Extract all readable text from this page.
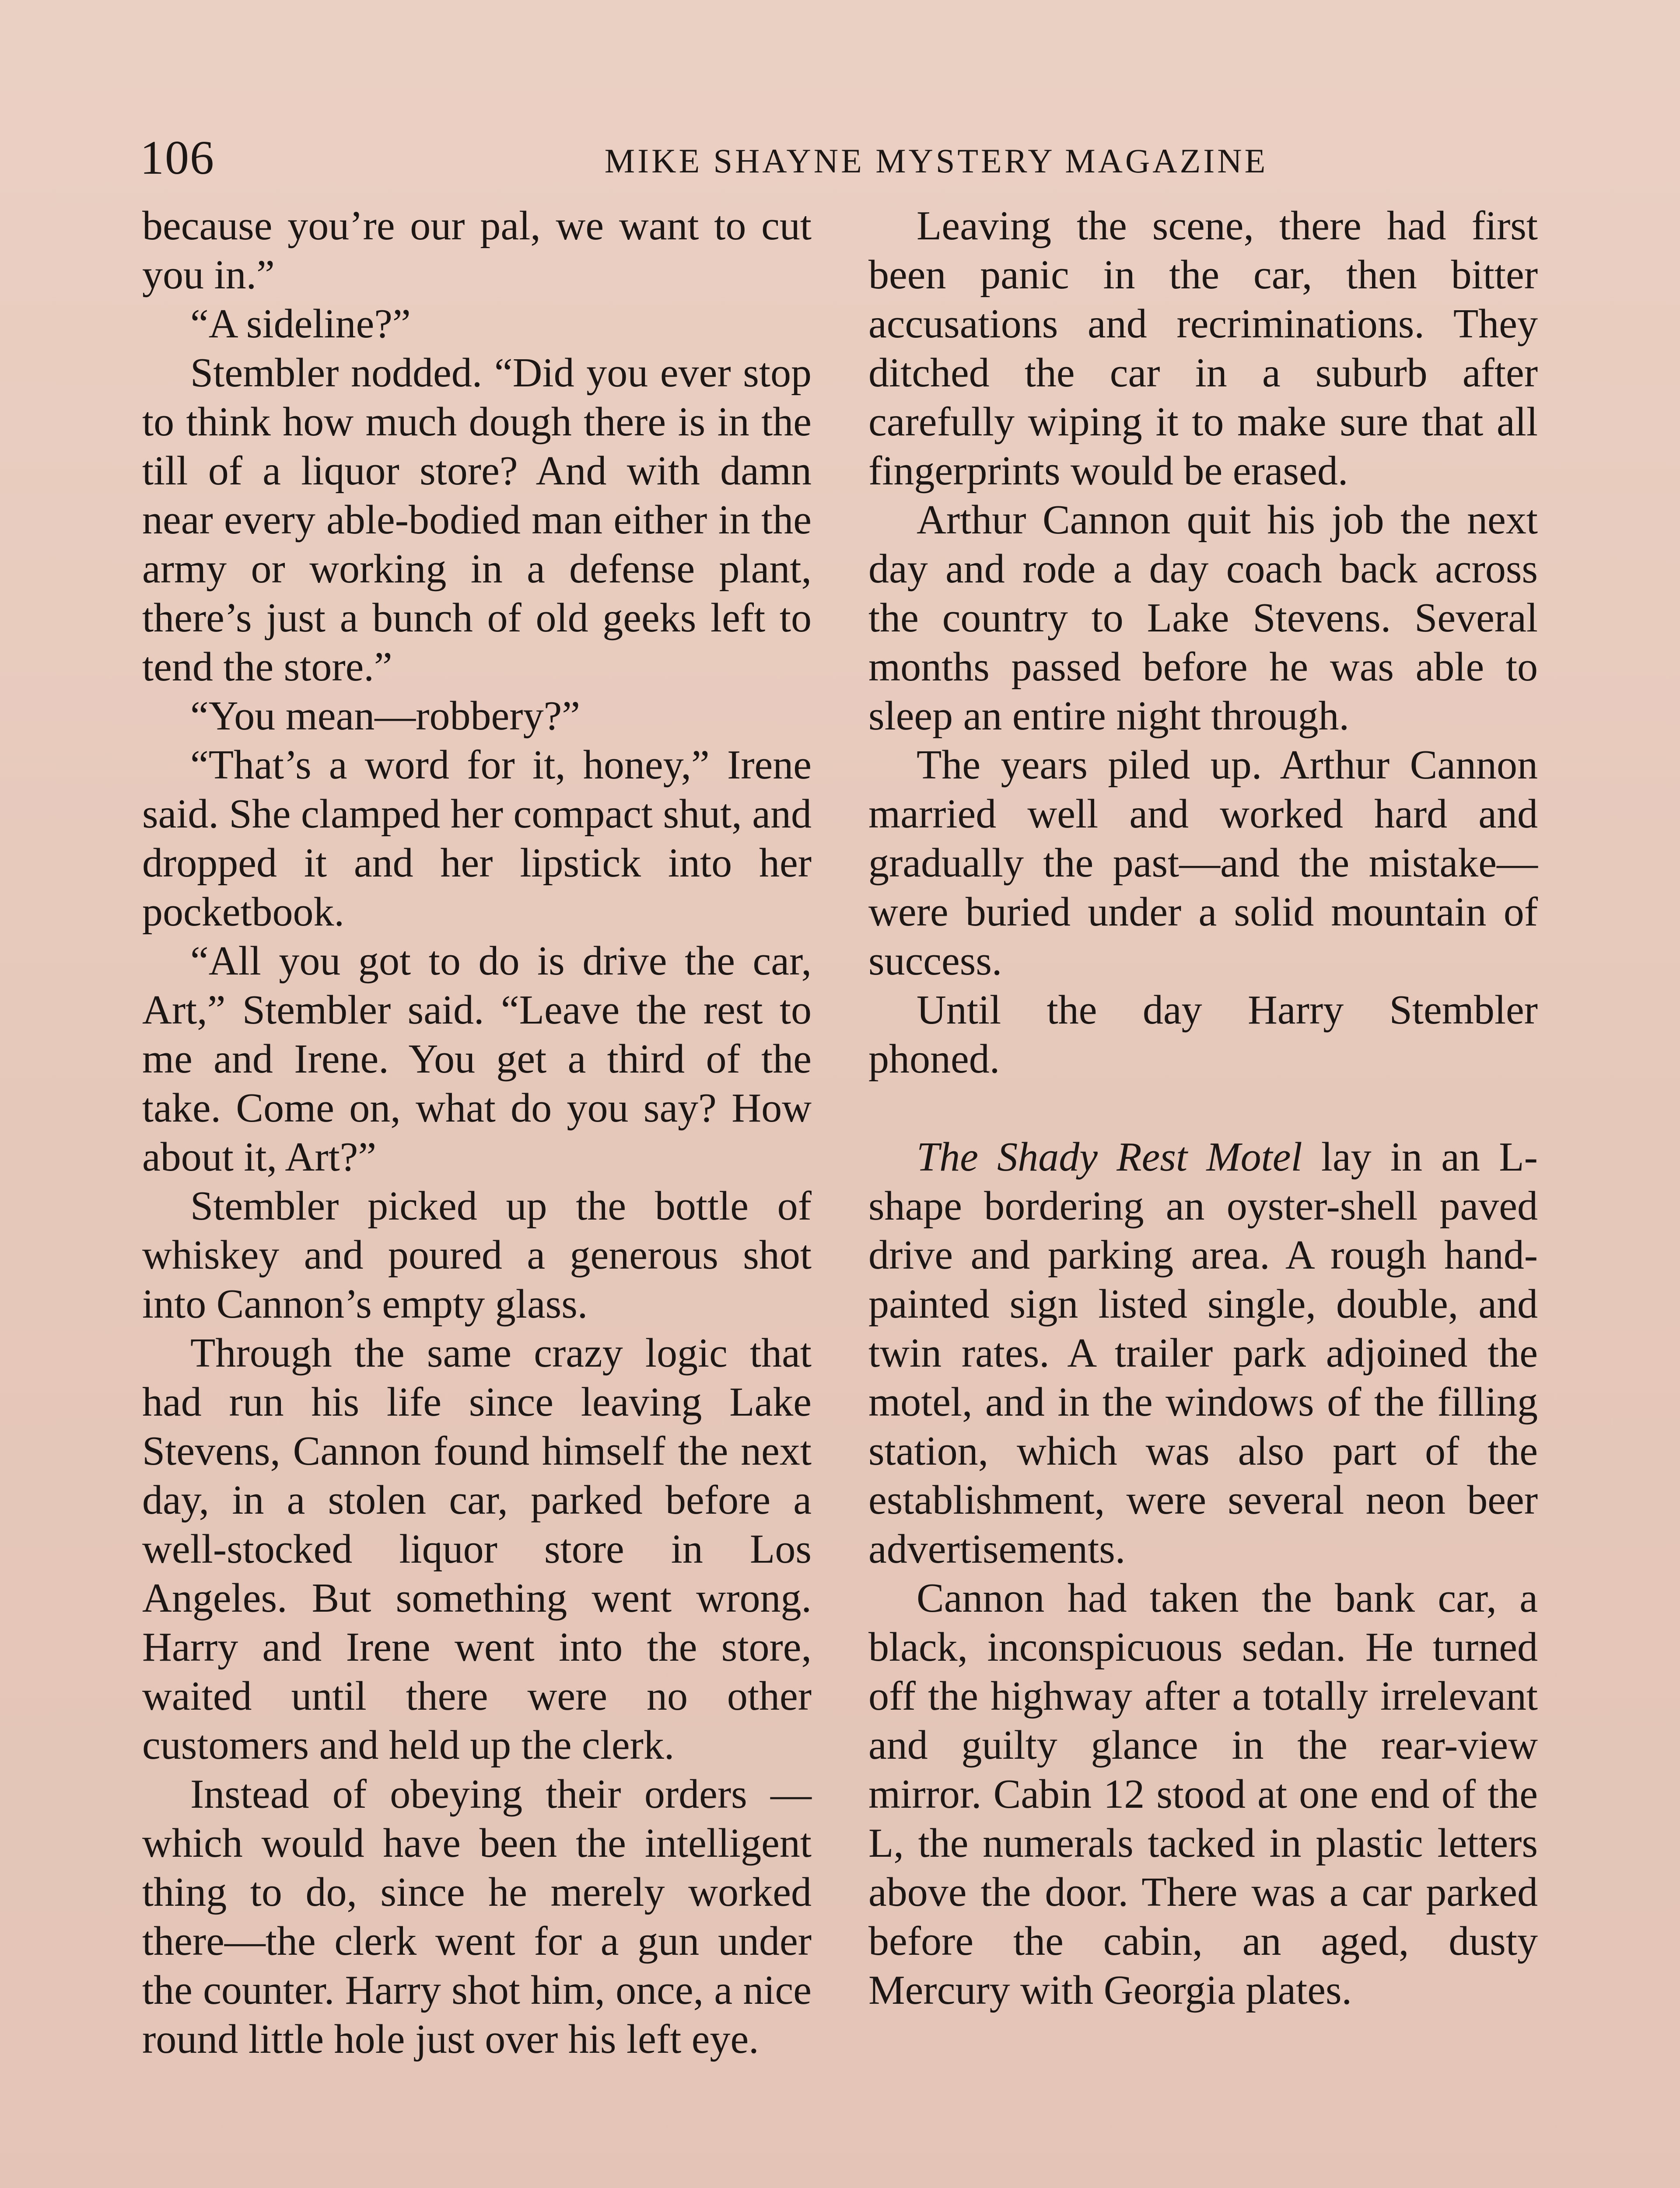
106	MIKE SHAYNE MYSTERY MAGAZINE

because you’re our pal, we want to cut you in.”

“A sideline?”

Stembler nodded. “Did you ever stop to think how much dough there is in the till of a liquor store? And with damn near every able-bodied man either in the army or working in a defense plant, there’s just a bunch of old geeks left to tend the store.”

“You mean—robbery?”

“That’s a word for it, honey,” Irene said. She clamped her compact shut, and dropped it and her lipstick into her pocketbook.

“All you got to do is drive the car, Art,” Stembler said. “Leave the rest to me and Irene. You get a third of the take. Come on, what do you say? How about it, Art?”

Stembler picked up the bottle of whiskey and poured a generous shot into Cannon’s empty glass.

Through the same crazy logic that had run his life since leaving Lake Stevens, Cannon found himself the next day, in a stolen car, parked before a well-stocked liquor store in Los Angeles. But something went wrong. Harry and Irene went into the store, waited until there were no other customers and held up the clerk.

Instead of obeying their orders —which would have been the intelligent thing to do, since he merely worked there—the clerk went for a gun under the counter. Harry shot him, once, a nice round little hole just over his left eye.

Leaving the scene, there had first been panic in the car, then bitter accusations and recriminations. They ditched the car in a suburb after carefully wiping it to make sure that all fingerprints would be erased.

Arthur Cannon quit his job the next day and rode a day coach back across the country to Lake Stevens. Several months passed before he was able to sleep an entire night through.

The years piled up. Arthur Cannon married well and worked hard and gradually the past—and the mistake—were buried under a solid mountain of success.

Until the day Harry Stembler phoned.

The Shady Rest Motel lay in an L-shape bordering an oyster-shell paved drive and parking area. A rough hand-painted sign listed single, double, and twin rates. A trailer park adjoined the motel, and in the windows of the filling station, which was also part of the establishment, were several neon beer advertisements.

Cannon had taken the bank car, a black, inconspicuous sedan. He turned off the highway after a totally irrelevant and guilty glance in the rear-view mirror. Cabin 12 stood at one end of the L, the numerals tacked in plastic letters above the door. There was a car parked before the cabin, an aged, dusty Mercury with Georgia plates.
